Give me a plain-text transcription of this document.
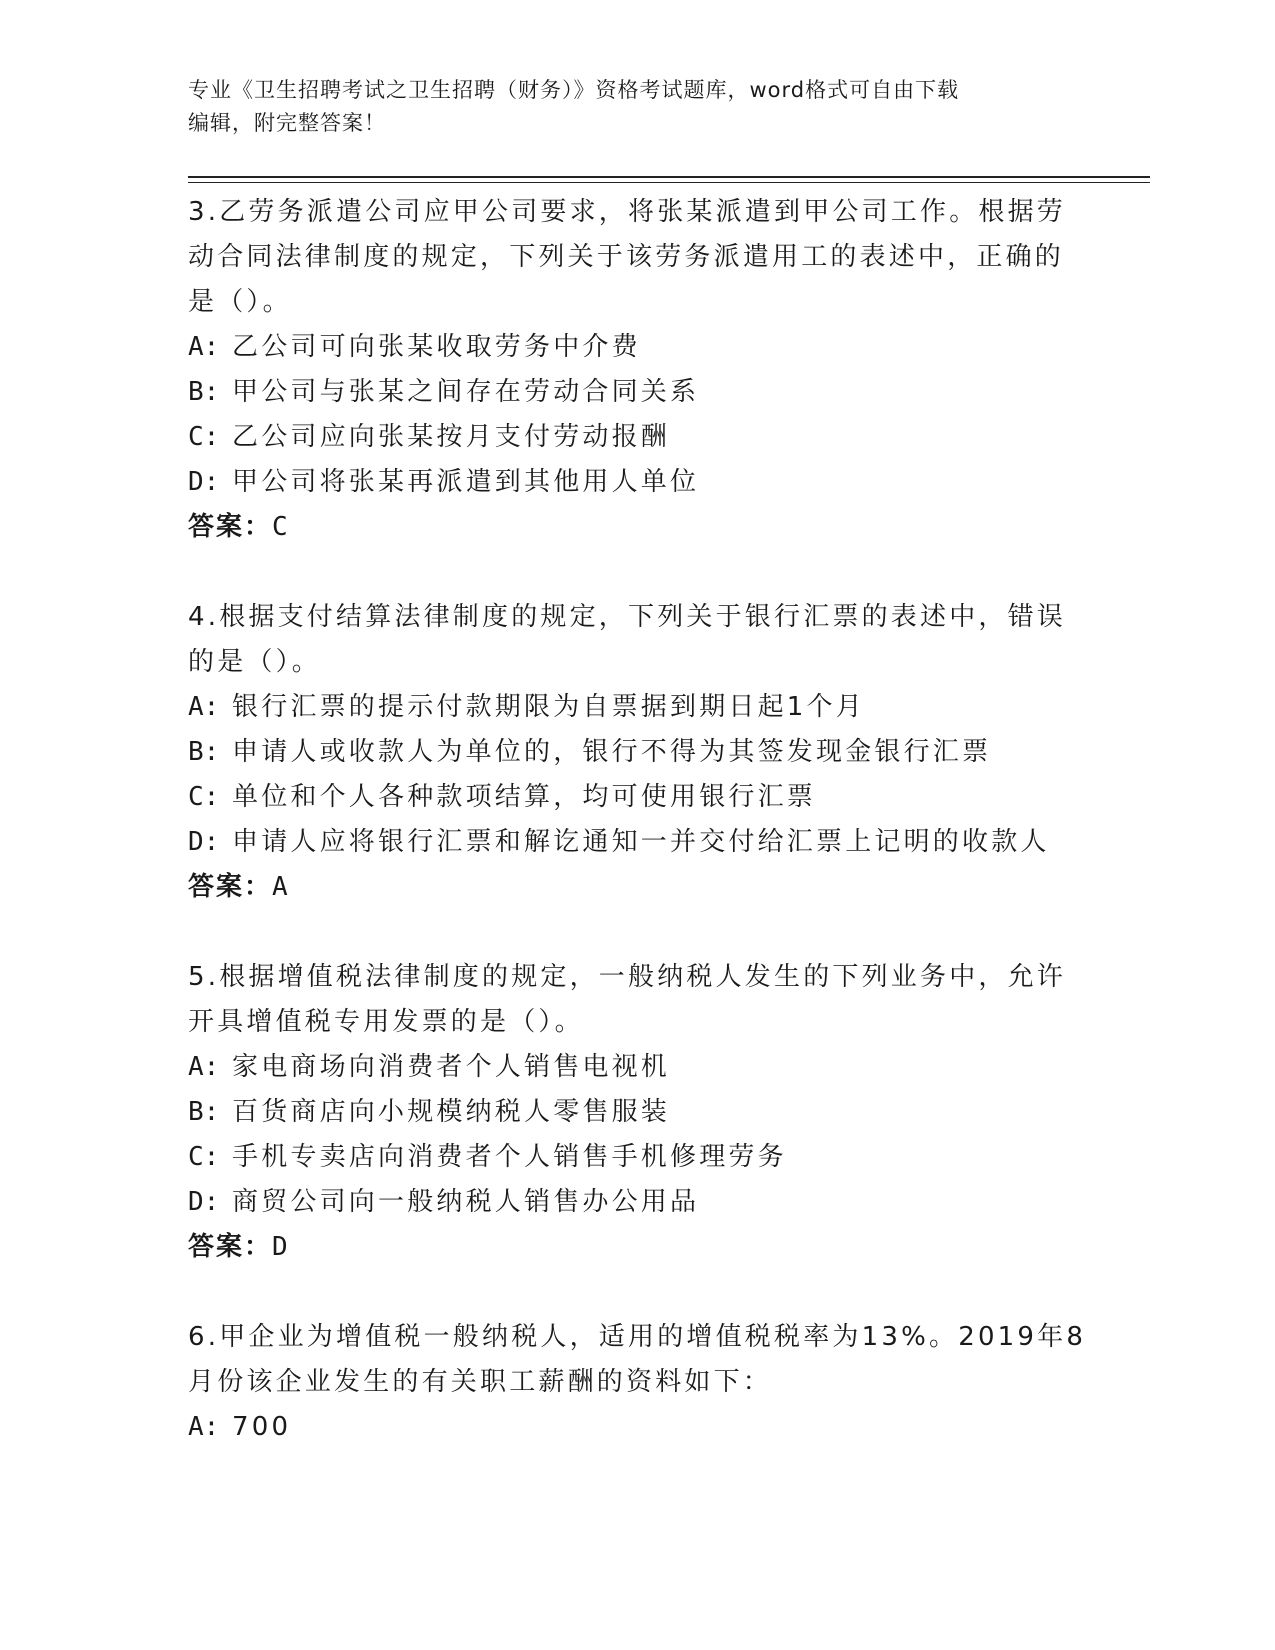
专业《卫生招聘考试之卫生招聘（财务）》资格考试题库，word格式可自由下载
编辑，附完整答案！

3.乙劳务派遣公司应甲公司要求，将张某派遣到甲公司工作。根据劳

动合同法律制度的规定，下列关于该劳务派遣用工的表述中，正确的

是（）。

A: 乙公司可向张某收取劳务中介费

B: 甲公司与张某之间存在劳动合同关系

C: 乙公司应向张某按月支付劳动报酬

D: 甲公司将张某再派遣到其他用人单位

答案：C

4.根据支付结算法律制度的规定，下列关于银行汇票的表述中，错误

的是（）。

A: 银行汇票的提示付款期限为自票据到期日起1个月

B: 申请人或收款人为单位的，银行不得为其签发现金银行汇票

C: 单位和个人各种款项结算，均可使用银行汇票

D: 申请人应将银行汇票和解讫通知一并交付给汇票上记明的收款人

答案：A

5.根据增值税法律制度的规定，一般纳税人发生的下列业务中，允许

开具增值税专用发票的是（）。

A: 家电商场向消费者个人销售电视机

B: 百货商店向小规模纳税人零售服装

C: 手机专卖店向消费者个人销售手机修理劳务

D: 商贸公司向一般纳税人销售办公用品

答案：D

6.甲企业为增值税一般纳税人，适用的增值税税率为13%。2019年8

月份该企业发生的有关职工薪酬的资料如下：

A: 700
